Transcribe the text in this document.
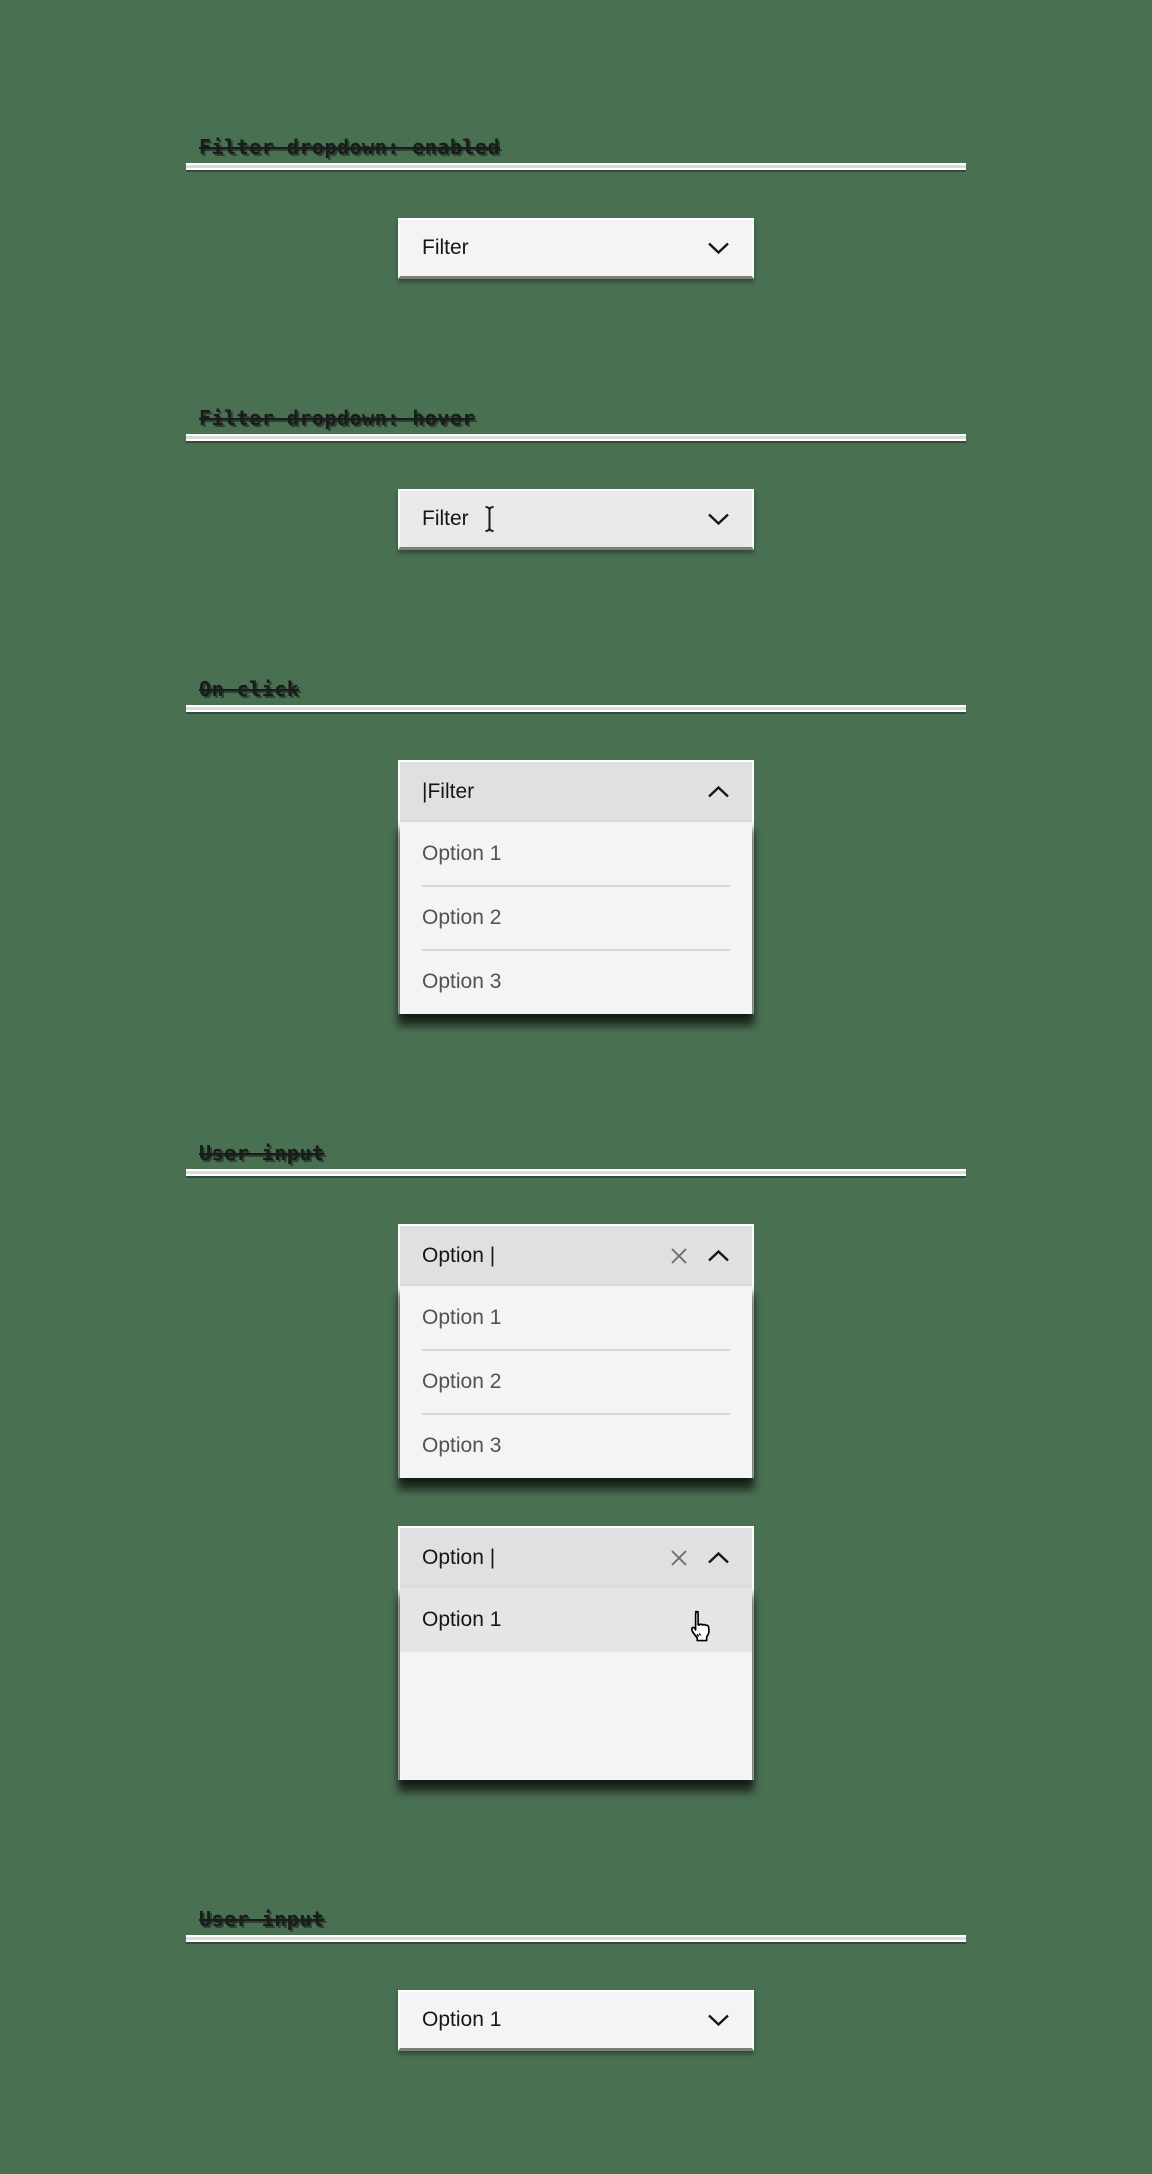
Filter dropdown: enabled
Filter
Filter dropdown: hover
Filter
On click
|Filter
Option 1
Option 2
Option 3
User input
Option |
Option 1
Option 2
Option 3
Option |
Option 1
User input
Option 1
